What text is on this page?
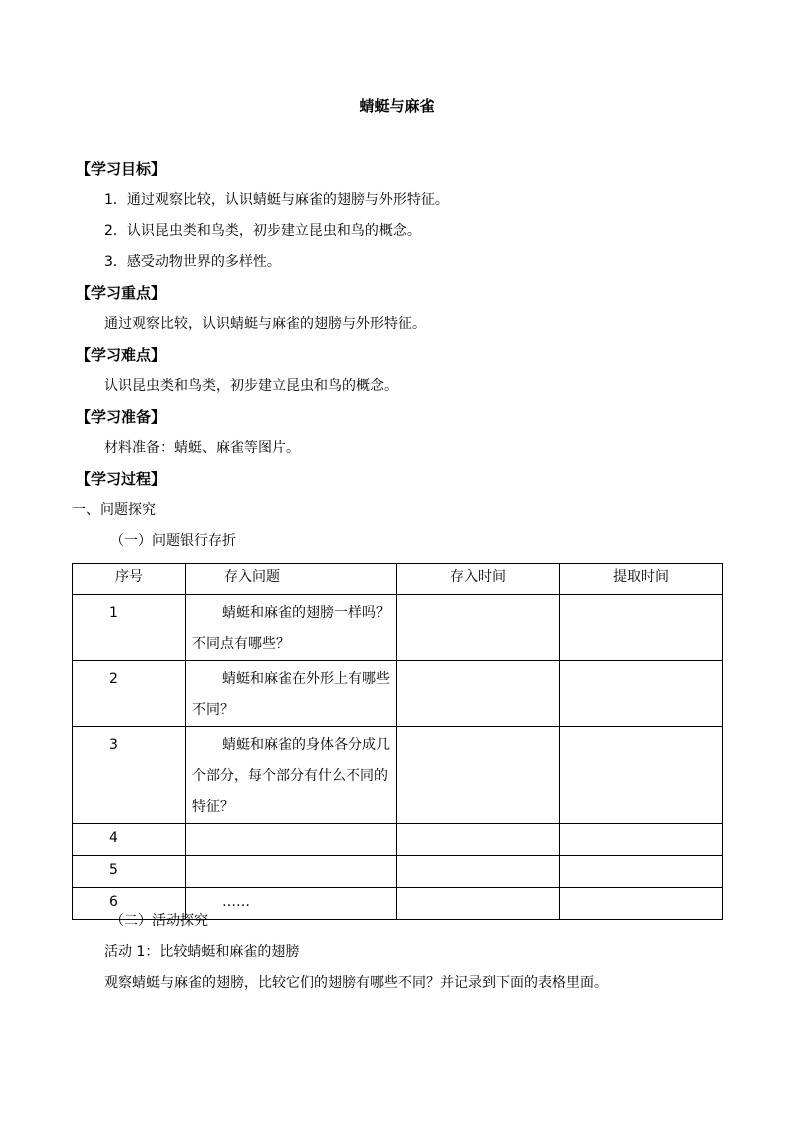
蜻蜓与麻雀
【学习目标】
1．通过观察比较，认识蜻蜓与麻雀的翅膀与外形特征。
2．认识昆虫类和鸟类，初步建立昆虫和鸟的概念。
3．感受动物世界的多样性。
【学习重点】
通过观察比较，认识蜻蜓与麻雀的翅膀与外形特征。
【学习难点】
认识昆虫类和鸟类，初步建立昆虫和鸟的概念。
【学习准备】
材料准备：蜻蜓、麻雀等图片。
【学习过程】
一、问题探究
（一）问题银行存折
序号	存入问题	存入时间	提取时间
1	蜻蜓和麻雀的翅膀一样吗？不同点有哪些？		
2	蜻蜓和麻雀在外形上有哪些不同？		
3	蜻蜓和麻雀的身体各分成几个部分，每个部分有什么不同的特征？		
4			
5			
6	……		
（二）活动探究
活动 1：比较蜻蜓和麻雀的翅膀
观察蜻蜓与麻雀的翅膀，比较它们的翅膀有哪些不同？并记录到下面的表格里面。
